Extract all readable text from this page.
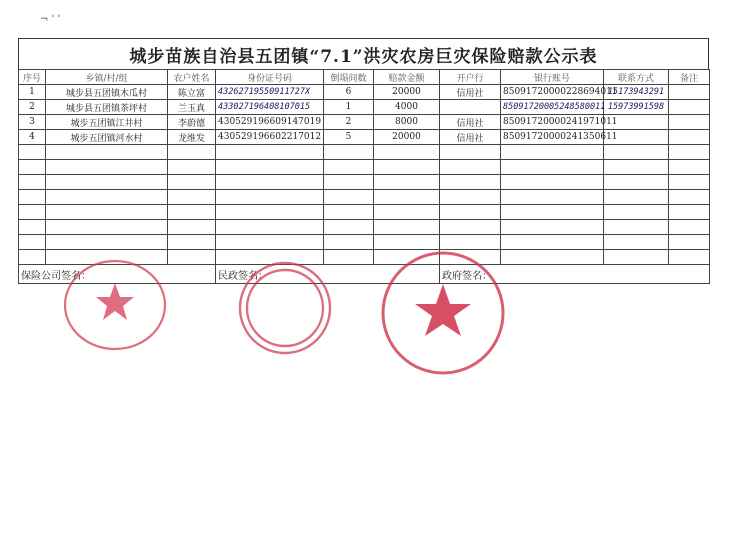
¬ ' '
城步苗族自治县五团镇“7.1”洪灾农房巨灾保险赔款公示表
序号	乡镇/村/组	农户姓名	身份证号码	倒塌间数	赔款金额	开户行	银行账号	联系方式	备注
1	城步县五团镇木瓜村	陈立富	43262719550911727X	6	20000	信用社	85091720000228694011	15173943291	
2	城步县五团镇茶坪村	兰玉真	433027196408107015	1	4000		85091720005248580011	15973991598	
3	城步五团镇江井村	李蔚德	430529196609147019	2	8000	信用社	85091720000241971011		
4	城步五团镇河水村	龙维发	430529196602217012	5	20000	信用社	85091720000241350611		

保险公司签名：			民政签名：			政府签名：			
